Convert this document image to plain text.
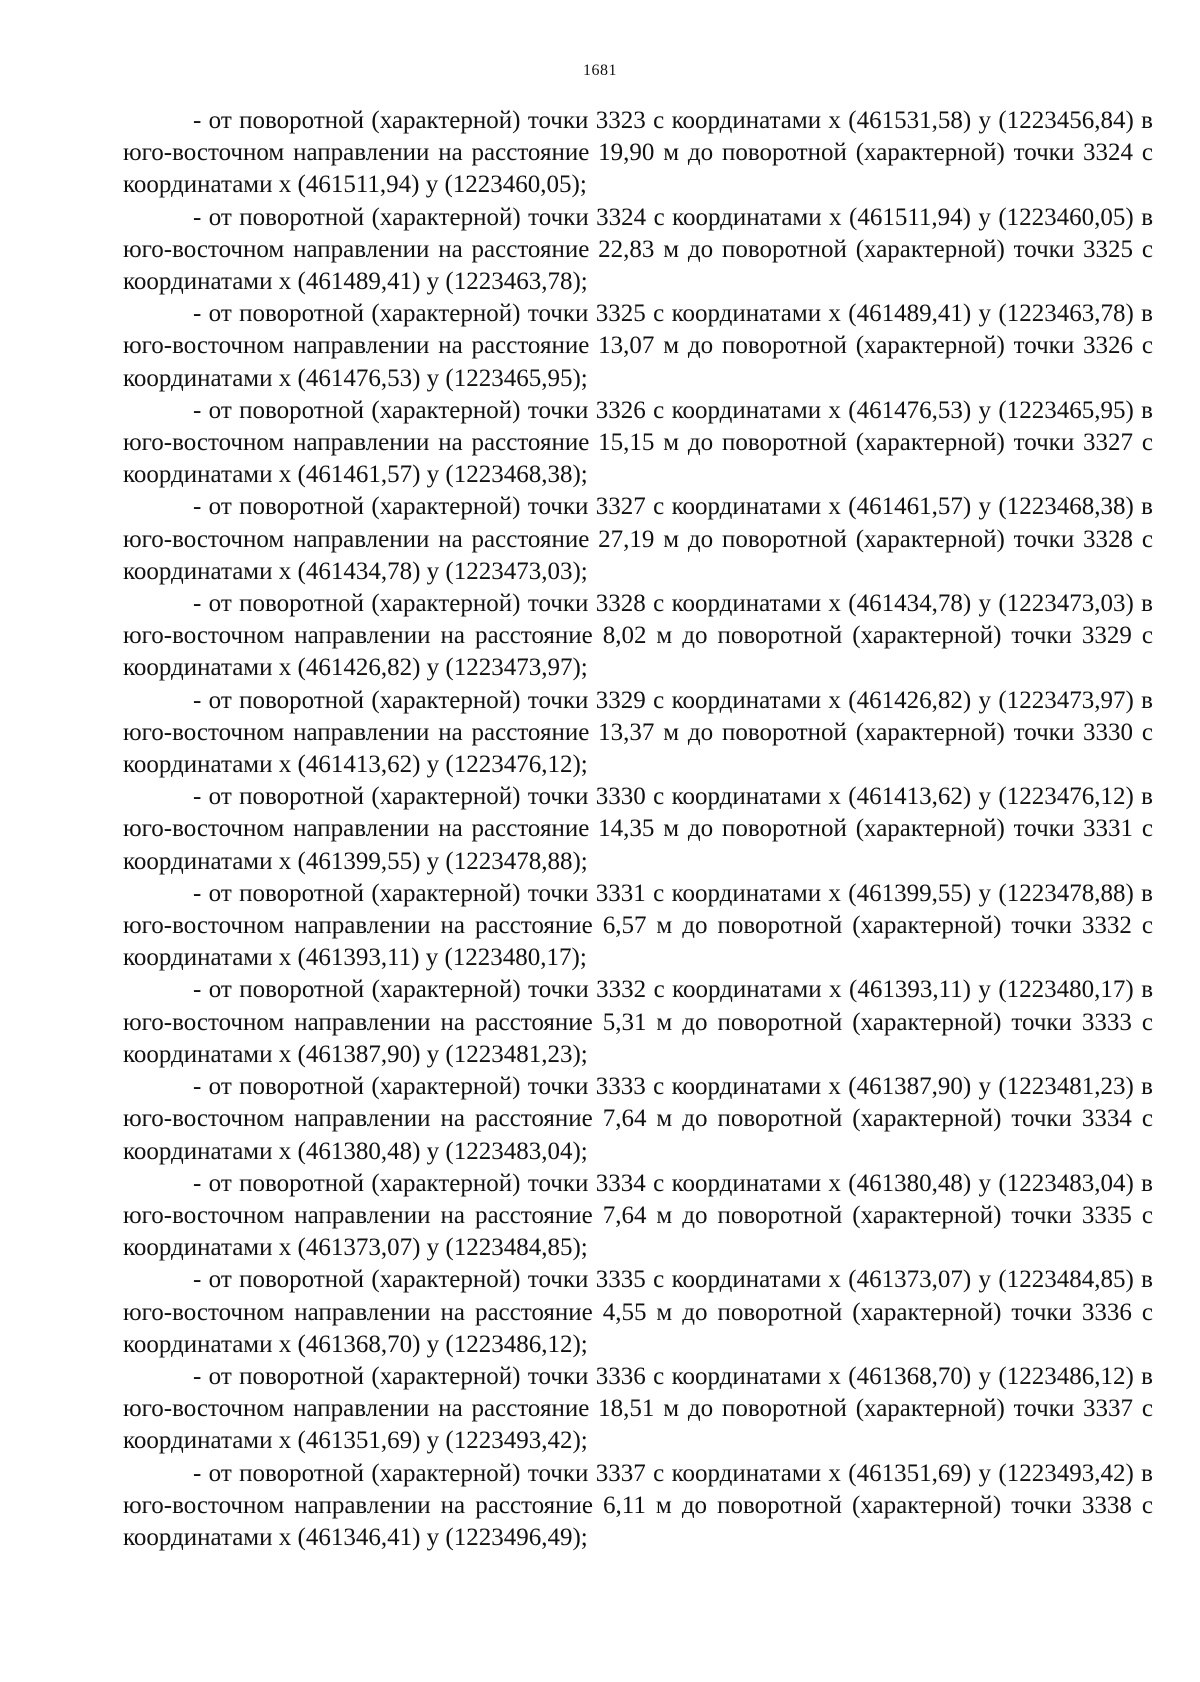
1681

- от поворотной (характерной) точки 3323 с координатами х (461531,58) у (1223456,84) в юго-восточном направлении на расстояние 19,90 м до поворотной (характерной) точки 3324 с координатами х (461511,94) у (1223460,05);

- от поворотной (характерной) точки 3324 с координатами х (461511,94) у (1223460,05) в юго-восточном направлении на расстояние 22,83 м до поворотной (характерной) точки 3325 с координатами х (461489,41) у (1223463,78);

- от поворотной (характерной) точки 3325 с координатами х (461489,41) у (1223463,78) в юго-восточном направлении на расстояние 13,07 м до поворотной (характерной) точки 3326 с координатами х (461476,53) у (1223465,95);

- от поворотной (характерной) точки 3326 с координатами х (461476,53) у (1223465,95) в юго-восточном направлении на расстояние 15,15 м до поворотной (характерной) точки 3327 с координатами х (461461,57) у (1223468,38);

- от поворотной (характерной) точки 3327 с координатами х (461461,57) у (1223468,38) в юго-восточном направлении на расстояние 27,19 м до поворотной (характерной) точки 3328 с координатами х (461434,78) у (1223473,03);

- от поворотной (характерной) точки 3328 с координатами х (461434,78) у (1223473,03) в юго-восточном направлении на расстояние 8,02 м до поворотной (характерной) точки 3329 с координатами х (461426,82) у (1223473,97);

- от поворотной (характерной) точки 3329 с координатами х (461426,82) у (1223473,97) в юго-восточном направлении на расстояние 13,37 м до поворотной (характерной) точки 3330 с координатами х (461413,62) у (1223476,12);

- от поворотной (характерной) точки 3330 с координатами х (461413,62) у (1223476,12) в юго-восточном направлении на расстояние 14,35 м до поворотной (характерной) точки 3331 с координатами х (461399,55) у (1223478,88);

- от поворотной (характерной) точки 3331 с координатами х (461399,55) у (1223478,88) в юго-восточном направлении на расстояние 6,57 м до поворотной (характерной) точки 3332 с координатами х (461393,11) у (1223480,17);

- от поворотной (характерной) точки 3332 с координатами х (461393,11) у (1223480,17) в юго-восточном направлении на расстояние 5,31 м до поворотной (характерной) точки 3333 с координатами х (461387,90) у (1223481,23);

- от поворотной (характерной) точки 3333 с координатами х (461387,90) у (1223481,23) в юго-восточном направлении на расстояние 7,64 м до поворотной (характерной) точки 3334 с координатами х (461380,48) у (1223483,04);

- от поворотной (характерной) точки 3334 с координатами х (461380,48) у (1223483,04) в юго-восточном направлении на расстояние 7,64 м до поворотной (характерной) точки 3335 с координатами х (461373,07) у (1223484,85);

- от поворотной (характерной) точки 3335 с координатами х (461373,07) у (1223484,85) в юго-восточном направлении на расстояние 4,55 м до поворотной (характерной) точки 3336 с координатами х (461368,70) у (1223486,12);

- от поворотной (характерной) точки 3336 с координатами х (461368,70) у (1223486,12) в юго-восточном направлении на расстояние 18,51 м до поворотной (характерной) точки 3337 с координатами х (461351,69) у (1223493,42);

- от поворотной (характерной) точки 3337 с координатами х (461351,69) у (1223493,42) в юго-восточном направлении на расстояние 6,11 м до поворотной (характерной) точки 3338 с координатами х (461346,41) у (1223496,49);
